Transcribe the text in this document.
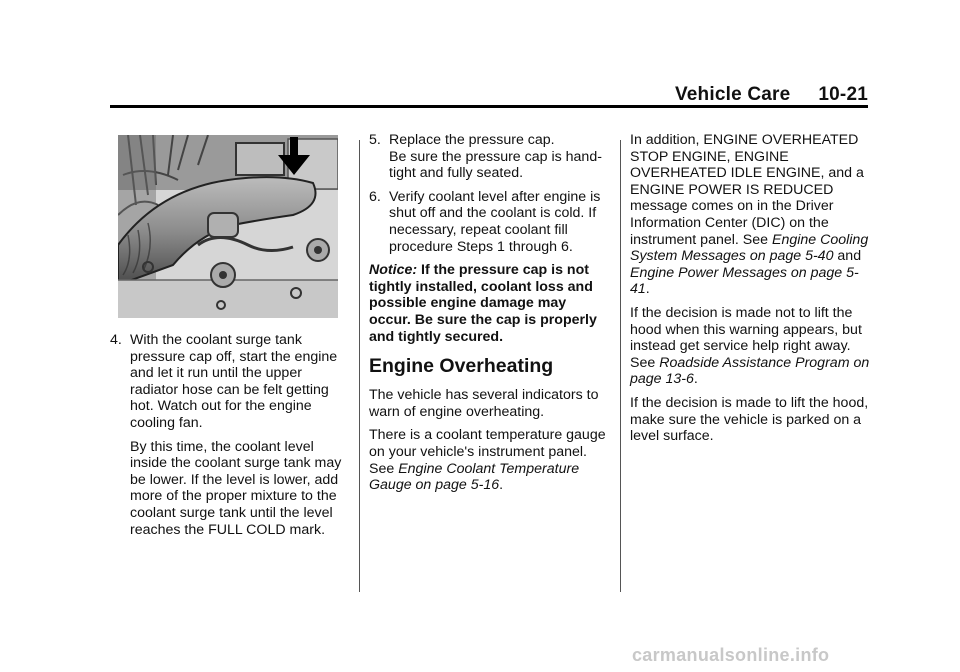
Vehicle Care 10-21
4. With the coolant surge tank pressure cap off, start the engine and let it run until the upper radiator hose can be felt getting hot. Watch out for the engine cooling fan.

By this time, the coolant level inside the coolant surge tank may be lower. If the level is lower, add more of the proper mixture to the coolant surge tank until the level reaches the FULL COLD mark.

5. Replace the pressure cap.
Be sure the pressure cap is hand-tight and fully seated.
6. Verify coolant level after engine is shut off and the coolant is cold. If necessary, repeat coolant fill procedure Steps 1 through 6.

Notice: If the pressure cap is not tightly installed, coolant loss and possible engine damage may occur. Be sure the cap is properly and tightly secured.

Engine Overheating

The vehicle has several indicators to warn of engine overheating.

There is a coolant temperature gauge on your vehicle's instrument panel. See Engine Coolant Temperature Gauge on page 5-16.

In addition, ENGINE OVERHEATED STOP ENGINE, ENGINE OVERHEATED IDLE ENGINE, and a ENGINE POWER IS REDUCED message comes on in the Driver Information Center (DIC) on the instrument panel. See Engine Cooling System Messages on page 5-40 and Engine Power Messages on page 5-41.

If the decision is made not to lift the hood when this warning appears, but instead get service help right away. See Roadside Assistance Program on page 13-6.

If the decision is made to lift the hood, make sure the vehicle is parked on a level surface.

carmanualsonline.info
